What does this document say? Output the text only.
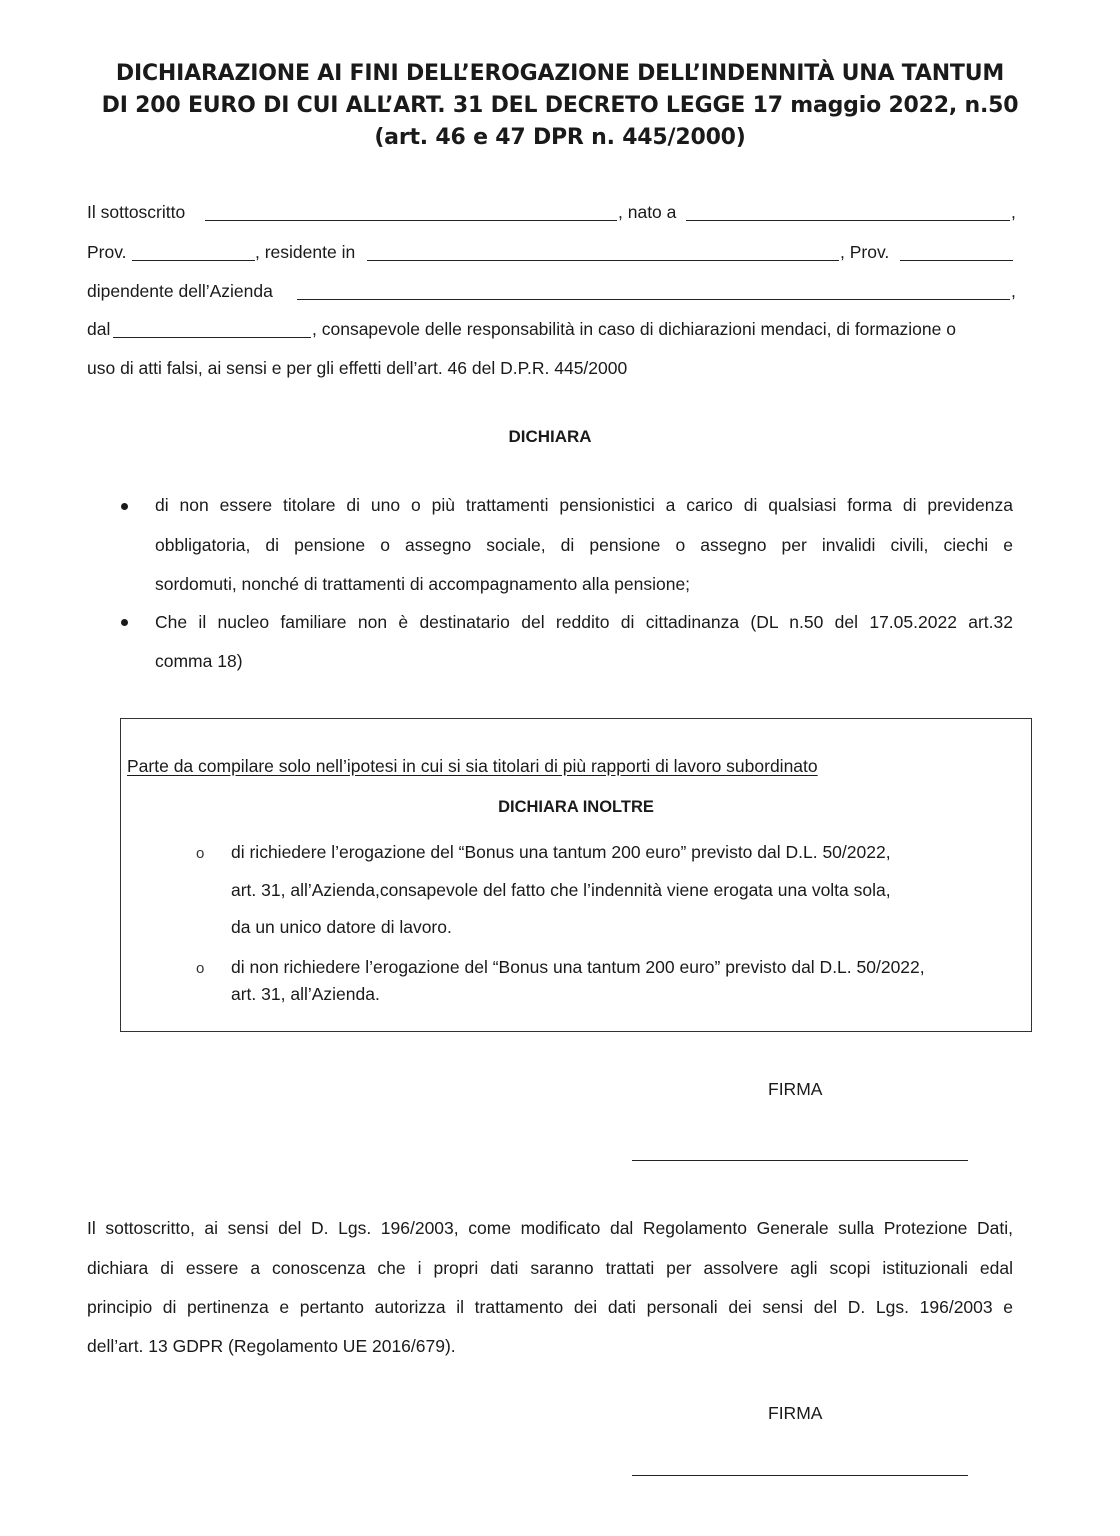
DICHIARAZIONE AI FINI DELL’EROGAZIONE DELL’INDENNITÀ UNA TANTUM
DI 200 EURO DI CUI ALL’ART. 31 DEL DECRETO LEGGE 17 maggio 2022, n.50
(art. 46 e 47 DPR n. 445/2000)
Il sottoscritto	, nato a	,
Prov.	, residente in	, Prov.
dipendente dell’Azienda	,
dal	, consapevole delle responsabilità in caso di dichiarazioni mendaci, di formazione o
uso di atti falsi, ai sensi e per gli effetti dell’art. 46 del D.P.R. 445/2000
DICHIARA
di non essere titolare di uno o più trattamenti pensionistici a carico di qualsiasi forma di previdenza
obbligatoria, di pensione o assegno sociale, di pensione o assegno per invalidi civili, ciechi e
sordomuti, nonché di trattamenti di accompagnamento alla pensione;
Che il nucleo familiare non è destinatario del reddito di cittadinanza (DL n.50 del 17.05.2022 art.32
comma 18)
Parte da compilare solo nell’ipotesi in cui si sia titolari di più rapporti di lavoro subordinato
DICHIARA INOLTRE
o di richiedere l’erogazione del “Bonus una tantum 200 euro” previsto dal D.L. 50/2022,
art. 31, all’Azienda,consapevole del fatto che l’indennità viene erogata una volta sola,
da un unico datore di lavoro.
o di non richiedere l’erogazione del “Bonus una tantum 200 euro” previsto dal D.L. 50/2022,
art. 31, all’Azienda.
FIRMA
Il sottoscritto, ai sensi del D. Lgs. 196/2003, come modificato dal Regolamento Generale sulla Protezione Dati,
dichiara di essere a conoscenza che i propri dati saranno trattati per assolvere agli scopi istituzionali edal
principio di pertinenza e pertanto autorizza il trattamento dei dati personali dei sensi del D. Lgs. 196/2003 e
dell’art. 13 GDPR (Regolamento UE 2016/679).
FIRMA
